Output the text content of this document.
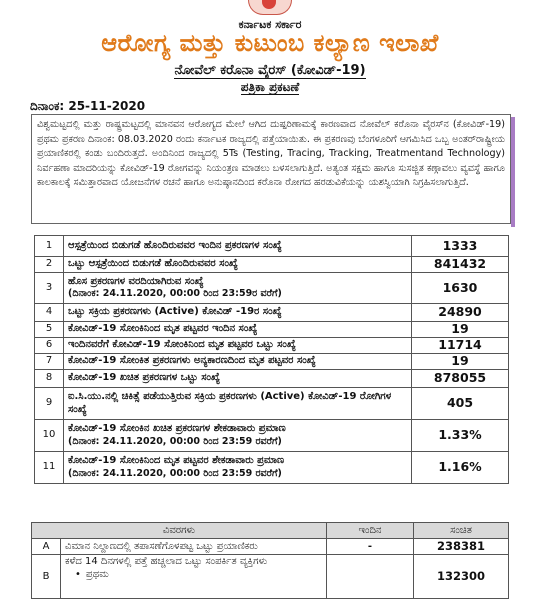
ಕರ್ನಾಟಕ ಸರ್ಕಾರ
ಆರೋಗ್ಯ ಮತ್ತು ಕುಟುಂಬ ಕಲ್ಯಾಣ ಇಲಾಖೆ
ನೋವೆಲ್ ಕರೊನಾ ವೈರಸ್ (ಕೋವಿಡ್-19)
ಪತ್ರಿಕಾ ಪ್ರಕಟಣೆ
ದಿನಾಂಕ: 25-11-2020
ವಿಶ್ವಮಟ್ಟದಲ್ಲಿ ಮತ್ತು ರಾಷ್ಟ್ರಮಟ್ಟದಲ್ಲಿ ಮಾನವನ ಆರೋಗ್ಯದ ಮೇಲೆ ಆಗಿದ ದುಷ್ಪರಿಣಾಮಕ್ಕೆ ಕಾರಣವಾದ ನೋವೆಲ್ ಕರೊನಾ ವೈರಸ್‌ನ (ಕೋವಿಡ್-19) ಪ್ರಥಮ ಪ್ರಕರಣ ದಿನಾಂಕ: 08.03.2020 ರಂದು ಕರ್ನಾಟಕ ರಾಜ್ಯದಲ್ಲಿ ಪತ್ತೆಯಾಯಿತು. ಈ ಪ್ರಕರಣವು ಬೆಂಗಳೂರಿಗೆ ಆಗಮಿಸಿದ ಒಬ್ಬ ಅಂತರ್‌ರಾಷ್ಟ್ರೀಯ ಪ್ರಯಾಣಿಕರಲ್ಲಿ ಕಂಡು ಬಂದಿರುತ್ತದೆ. ಅಂದಿನಿಂದ ರಾಜ್ಯದಲ್ಲಿ 5Ts (Testing, Tracing, Tracking, Treatmentand Technology) ನಿರ್ವಹಣಾ ಮಾದರಿಯನ್ನು ಕೋವಿಡ್-19 ರೋಗವನ್ನು ನಿಯಂತ್ರಣ ಮಾಡಲು ಬಳಸಲಾಗುತ್ತಿದೆ. ಅತ್ಯಂತ ಸಕ್ಷಮ ಹಾಗೂ ಸುಸಜ್ಜಿತ ಕಣ್ಗಾವಲು ವ್ಯವಸ್ಥೆ ಹಾಗೂ ಕಾಲಕಾಲಕ್ಕೆ ಸಮಿತ್ತಾರವಾದ ಯೋಜನೆಗಳ ರಚನೆ ಹಾಗೂ ಅನುಷ್ಠಾನದಿಂದ ಕರೊನಾ ರೋಗದ ಹರಡುವಿಕೆಯನ್ನು ಯಶಸ್ವಿಯಾಗಿ ನಿಗ್ರಹಿಸಲಾಗುತ್ತಿದೆ.
1	ಆಸ್ಪತ್ರೆಯಿಂದ ಬಿಡುಗಡೆ ಹೊಂದಿರುವವರ ಇಂದಿನ ಪ್ರಕರಣಗಳ ಸಂಖ್ಯೆ	1333
2	ಒಟ್ಟು ಆಸ್ಪತ್ರೆಯಿಂದ ಬಿಡುಗಡೆ ಹೊಂದಿರುವವರ ಸಂಖ್ಯೆ	841432
3	ಹೊಸ ಪ್ರಕರಣಗಳ ವರದಿಯಾಗಿರುವ ಸಂಖ್ಯೆ
(ದಿನಾಂಕ: 24.11.2020, 00:00 ರಿಂದ 23:59ರ ವರೆಗೆ)	1630
4	ಒಟ್ಟು ಸಕ್ರಿಯ ಪ್ರಕರಣಗಳು (Active) ಕೋವಿಡ್ -19ರ ಸಂಖ್ಯೆ	24890
5	ಕೋವಿಡ್-19 ಸೋಂಕಿನಿಂದ ಮೃತ ಪಟ್ಟವರ ಇಂದಿನ ಸಂಖ್ಯೆ	19
6	ಇಂದಿನವರೆಗೆ ಕೋವಿಡ್-19 ಸೋಂಕಿನಿಂದ ಮೃತ ಪಟ್ಟವರ ಒಟ್ಟು ಸಂಖ್ಯೆ	11714
7	ಕೋವಿಡ್-19 ಸೋಂಕಿತ ಪ್ರಕರಣಗಳು ಅನ್ಯಕಾರಣದಿಂದ ಮೃತ ಪಟ್ಟವರ ಸಂಖ್ಯೆ	19
8	ಕೋವಿಡ್-19 ಖಚಿತ ಪ್ರಕರಣಗಳ ಒಟ್ಟು ಸಂಖ್ಯೆ	878055
9	ಐ.ಸಿ.ಯು.ನಲ್ಲಿ ಚಿಕಿತ್ಸೆ ಪಡೆಯುತ್ತಿರುವ ಸಕ್ರಿಯ ಪ್ರಕರಣಗಳು (Active) ಕೋವಿಡ್-19 ರೋಗಿಗಳ ಸಂಖ್ಯೆ	405
10	ಕೋವಿಡ್-19 ಸೋಂಕಿನ ಖಚಿತ ಪ್ರಕರಣಗಳ ಶೇಕಡಾವಾರು ಪ್ರಮಾಣ
(ದಿನಾಂಕ: 24.11.2020, 00:00 ರಿಂದ 23:59 ರವರೆಗೆ)	1.33%
11	ಕೋವಿಡ್-19 ಸೋಂಕಿನಿಂದ ಮೃತ ಪಟ್ಟವರ ಶೇಕಡಾವಾರು ಪ್ರಮಾಣ
(ದಿನಾಂಕ: 24.11.2020, 00:00 ರಿಂದ 23:59 ರವರೆಗೆ)	1.16%
ವಿವರಗಳು		ಇಂದಿನ	ಸಂಚಿತ
A	ವಿಮಾನ ನಿಲ್ದಾಣದಲ್ಲಿ ತಪಾಸಣೆಗೊಳಪಟ್ಟ ಒಟ್ಟು ಪ್ರಯಾಣಿಕರು	-	238381
B	ಕಳೆದ 14 ದಿನಗಳಲ್ಲಿ ಪತ್ತೆ ಹಚ್ಚಲಾದ ಒಟ್ಟು ಸಂಪರ್ಕಿತ ವ್ಯಕ್ತಿಗಳು
• ಪ್ರಥಮ		132300
